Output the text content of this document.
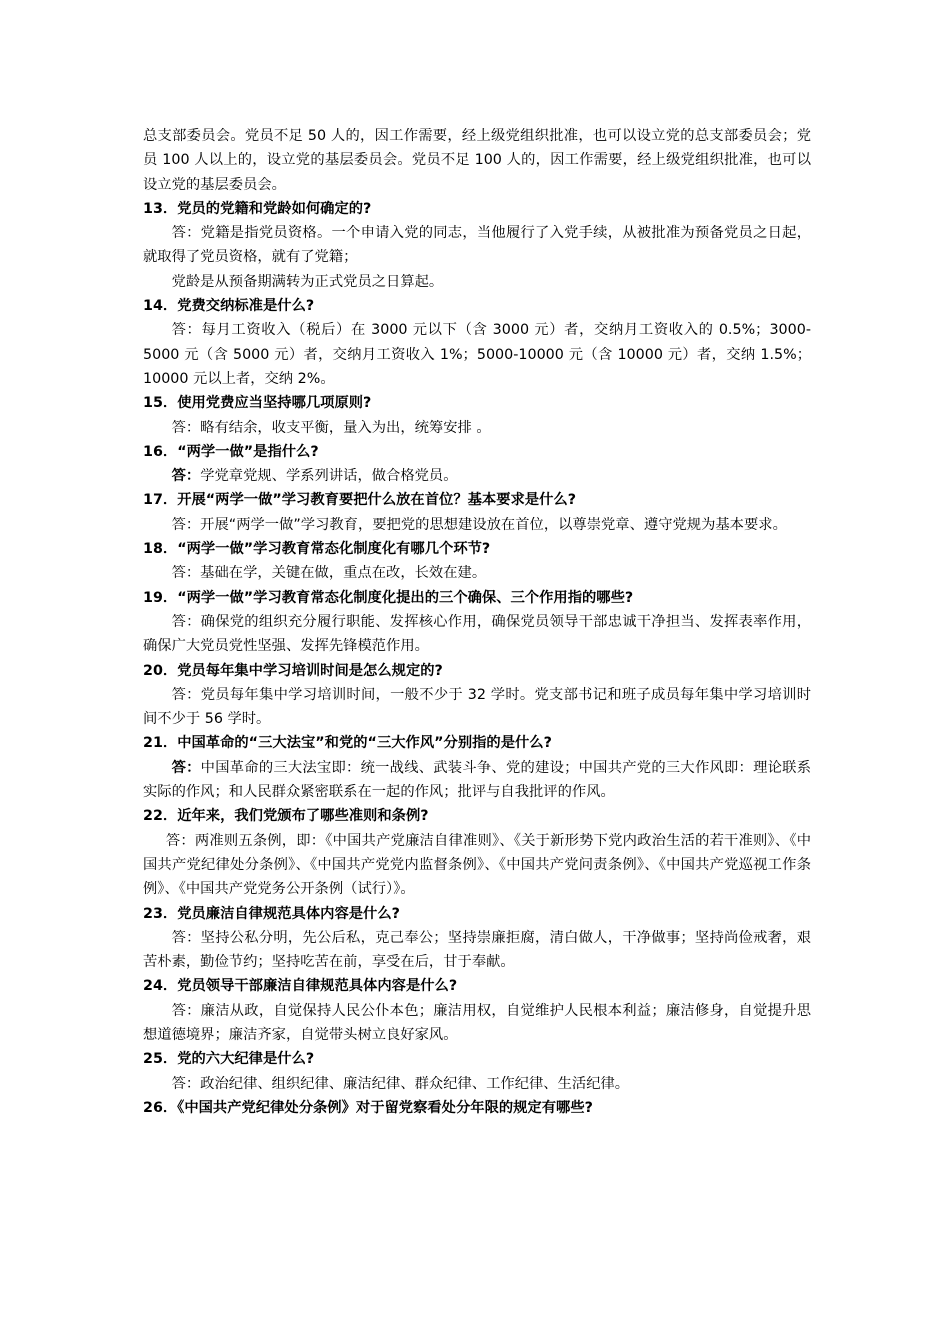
总支部委员会。党员不足 50 人的，因工作需要，经上级党组织批准，也可以设立党的总支部委员会；党员 100 人以上的，设立党的基层委员会。党员不足 100 人的，因工作需要，经上级党组织批准，也可以设立党的基层委员会。

13．党员的党籍和党龄如何确定的?

答：党籍是指党员资格。一个申请入党的同志，当他履行了入党手续，从被批准为预备党员之日起，就取得了党员资格，就有了党籍；

党龄是从预备期满转为正式党员之日算起。

14．党费交纳标准是什么?

答：每月工资收入（税后）在 3000 元以下（含 3000 元）者，交纳月工资收入的 0.5%；3000-5000 元（含 5000 元）者，交纳月工资收入 1%；5000-10000 元（含 10000 元）者，交纳 1.5%；10000 元以上者，交纳 2%。

15．使用党费应当坚持哪几项原则?

答：略有结余，收支平衡，量入为出，统筹安排 。

16．“两学一做”是指什么?

答：学党章党规、学系列讲话，做合格党员。

17．开展“两学一做”学习教育要把什么放在首位？基本要求是什么?

答：开展“两学一做”学习教育，要把党的思想建设放在首位，以尊崇党章、遵守党规为基本要求。

18．“两学一做”学习教育常态化制度化有哪几个环节?

答：基础在学，关键在做，重点在改，长效在建。

19．“两学一做”学习教育常态化制度化提出的三个确保、三个作用指的哪些?

答：确保党的组织充分履行职能、发挥核心作用，确保党员领导干部忠诚干净担当、发挥表率作用，确保广大党员党性坚强、发挥先锋模范作用。

20．党员每年集中学习培训时间是怎么规定的?

答：党员每年集中学习培训时间，一般不少于 32 学时。党支部书记和班子成员每年集中学习培训时间不少于 56 学时。

21．中国革命的“三大法宝”和党的“三大作风”分别指的是什么?

答：中国革命的三大法宝即：统一战线、武装斗争、党的建设；中国共产党的三大作风即：理论联系实际的作风；和人民群众紧密联系在一起的作风；批评与自我批评的作风。

22．近年来，我们党颁布了哪些准则和条例?

答：两准则五条例，即：《中国共产党廉洁自律准则》、《关于新形势下党内政治生活的若干准则》、《中国共产党纪律处分条例》、《中国共产党党内监督条例》、《中国共产党问责条例》、《中国共产党巡视工作条例》、《中国共产党党务公开条例（试行）》。

23．党员廉洁自律规范具体内容是什么?

答：坚持公私分明，先公后私，克己奉公；坚持崇廉拒腐，清白做人，干净做事；坚持尚俭戒奢，艰苦朴素，勤俭节约；坚持吃苦在前，享受在后，甘于奉献。

24．党员领导干部廉洁自律规范具体内容是什么?

答：廉洁从政，自觉保持人民公仆本色；廉洁用权，自觉维护人民根本利益；廉洁修身，自觉提升思想道德境界；廉洁齐家，自觉带头树立良好家风。

25．党的六大纪律是什么?

答：政治纪律、组织纪律、廉洁纪律、群众纪律、工作纪律、生活纪律。

26．《中国共产党纪律处分条例》对于留党察看处分年限的规定有哪些?
